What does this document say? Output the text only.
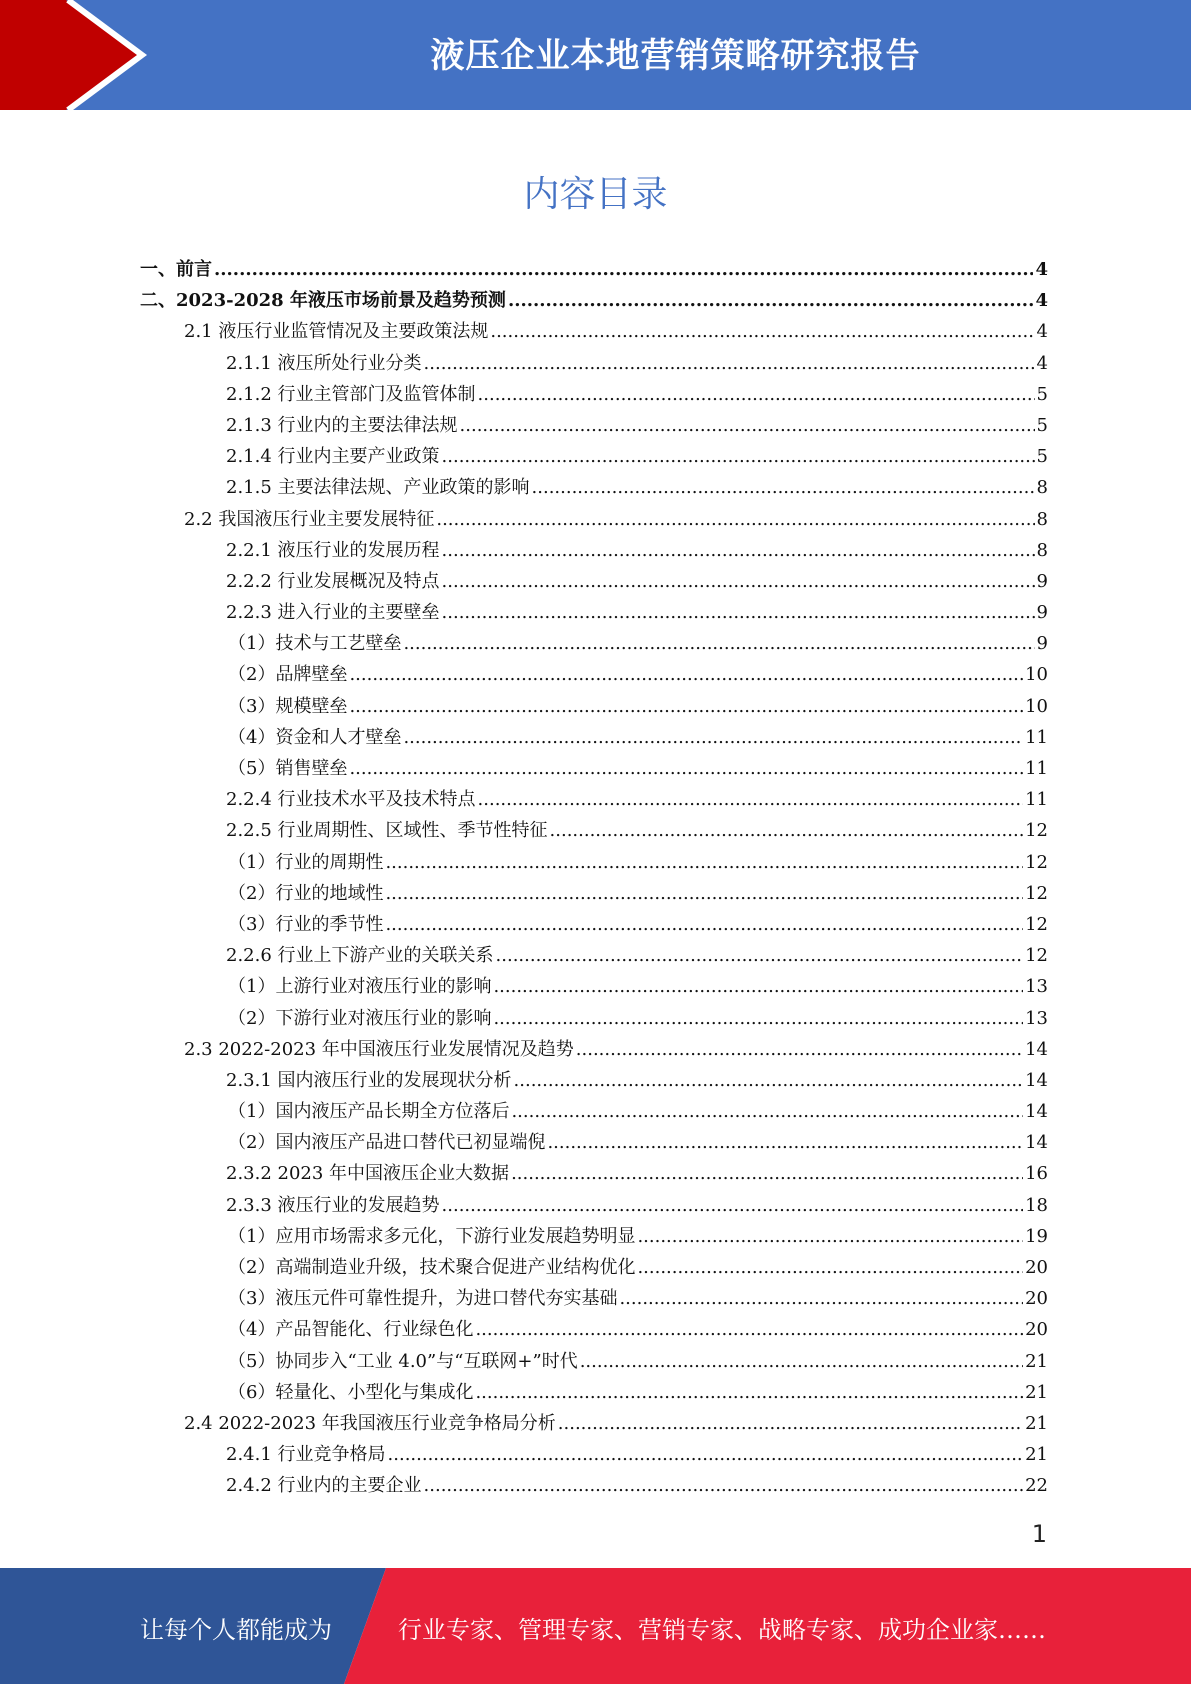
液压企业本地营销策略研究报告
内容目录
一、前言 .....	4
二、2023-2028 年液压市场前景及趋势预测 .....	4
2.1 液压行业监管情况及主要政策法规 .....	4
2.1.1 液压所处行业分类 .....	4
2.1.2 行业主管部门及监管体制 .....	5
2.1.3 行业内的主要法律法规 .....	5
2.1.4 行业内主要产业政策 .....	5
2.1.5 主要法律法规、产业政策的影响 .....	8
2.2 我国液压行业主要发展特征 .....	8
2.2.1 液压行业的发展历程 .....	8
2.2.2 行业发展概况及特点 .....	9
2.2.3 进入行业的主要壁垒 .....	9
（1）技术与工艺壁垒 .....	9
（2）品牌壁垒 .....	10
（3）规模壁垒 .....	10
（4）资金和人才壁垒 .....	11
（5）销售壁垒 .....	11
2.2.4 行业技术水平及技术特点 .....	11
2.2.5 行业周期性、区域性、季节性特征 .....	12
（1）行业的周期性 .....	12
（2）行业的地域性 .....	12
（3）行业的季节性 .....	12
2.2.6 行业上下游产业的关联关系 .....	12
（1）上游行业对液压行业的影响 .....	13
（2）下游行业对液压行业的影响 .....	13
2.3 2022-2023 年中国液压行业发展情况及趋势 .....	14
2.3.1 国内液压行业的发展现状分析 .....	14
（1）国内液压产品长期全方位落后 .....	14
（2）国内液压产品进口替代已初显端倪 .....	14
2.3.2 2023 年中国液压企业大数据 .....	16
2.3.3 液压行业的发展趋势 .....	18
（1）应用市场需求多元化，下游行业发展趋势明显 .....	19
（2）高端制造业升级，技术聚合促进产业结构优化 .....	20
（3）液压元件可靠性提升，为进口替代夯实基础 .....	20
（4）产品智能化、行业绿色化 .....	20
（5）协同步入“工业 4.0”与“互联网+”时代 .....	21
（6）轻量化、小型化与集成化 .....	21
2.4 2022-2023 年我国液压行业竞争格局分析 .....	21
2.4.1 行业竞争格局 .....	21
2.4.2 行业内的主要企业 .....	22
1
让每个人都能成为	行业专家、管理专家、营销专家、战略专家、成功企业家……
